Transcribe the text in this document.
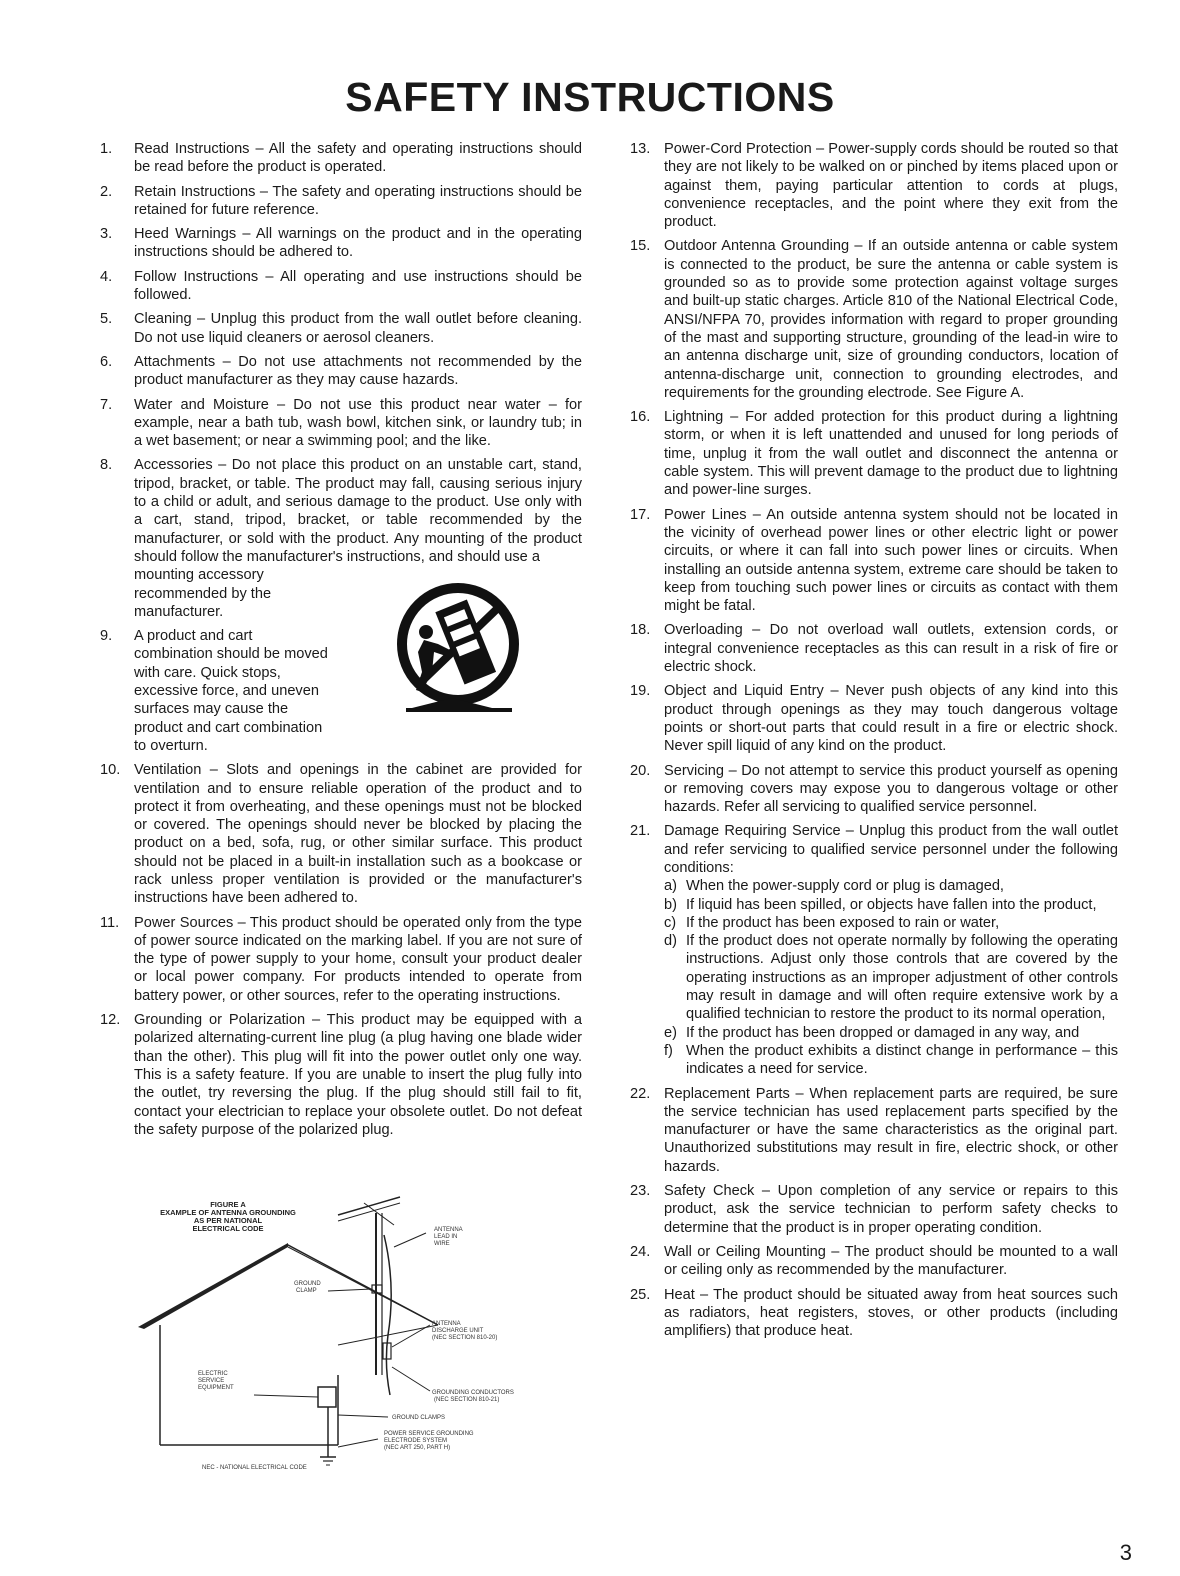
SAFETY INSTRUCTIONS
1.	Read Instructions – All the safety and operating instructions should be read before the product is operated.
2.	Retain Instructions – The safety and operating instructions should be retained for future reference.
3.	Heed Warnings – All warnings on the product and in the operating instructions should be adhered to.
4.	Follow Instructions – All operating and use instructions should be followed.
5.	Cleaning – Unplug this product from the wall outlet before cleaning. Do not use liquid cleaners or aerosol cleaners.
6.	Attachments – Do not use attachments not recommended by the product manufacturer as they may cause hazards.
7.	Water and Moisture – Do not use this product near water – for example, near a bath tub, wash bowl, kitchen sink, or laundry tub; in a wet basement; or near a swimming pool; and the like.
8.	Accessories – Do not place this product on an unstable cart, stand, tripod, bracket, or table. The product may fall, causing serious injury to a child or adult, and serious damage to the product. Use only with a cart, stand, tripod, bracket, or table recommended by the manufacturer, or sold with the product. Any mounting of the product should follow the manufacturer's instructions, and should use a
mounting accessory recommended by the manufacturer.
9.	A product and cart combination should be moved with care. Quick stops, excessive force, and uneven surfaces may cause the product and cart combination to overturn.
10. Ventilation – Slots and openings in the cabinet are provided for ventilation and to ensure reliable operation of the product and to protect it from overheating, and these openings must not be blocked or covered. The openings should never be blocked by placing the product on a bed, sofa, rug, or other similar surface. This product should not be placed in a built-in installation such as a bookcase or rack unless proper ventilation is provided or the manufacturer's instructions have been adhered to.
11.	Power Sources – This product should be operated only from the type of power source indicated on the marking label. If you are not sure of the type of power supply to your home, consult your product dealer or local power company. For products intended to operate from battery power, or other sources, refer to the operating instructions.
12. Grounding or Polarization – This product may be equipped with a polarized alternating-current line plug (a plug having one blade wider than the other). This plug will fit into the power outlet only one way. This is a safety feature. If you are unable to insert the plug fully into the outlet, try reversing the plug. If the plug should still fail to fit, contact your electrician to replace your obsolete outlet. Do not defeat the safety purpose of the polarized plug.
FIGURE A
EXAMPLE OF ANTENNA GROUNDING
AS PER NATIONAL
ELECTRICAL CODE	ANTENNA
LEAD IN
WIRE
GROUND
CLAMP
ANTENNA
DISCHARGE UNIT
(NEC SECTION 810-20)
ELECTRIC
SERVICE
EQUIPMENT
GROUNDING CONDUCTORS
(NEC SECTION 810-21)
GROUND CLAMPS
POWER SERVICE GROUNDING
ELECTRODE SYSTEM
(NEC ART 250, PART H)
NEC - NATIONAL ELECTRICAL CODE
13. Power-Cord Protection – Power-supply cords should be routed so that they are not likely to be walked on or pinched by items placed upon or against them, paying particular attention to cords at plugs, convenience receptacles, and the point where they exit from the product.
15. Outdoor Antenna Grounding – If an outside antenna or cable system is connected to the product, be sure the antenna or cable system is grounded so as to provide some protection against voltage surges and built-up static charges. Article 810 of the National Electrical Code, ANSI/NFPA 70, provides information with regard to proper grounding of the mast and supporting structure, grounding of the lead-in wire to an antenna discharge unit, size of grounding conductors, location of antenna-discharge unit, connection to grounding electrodes, and requirements for the grounding electrode. See Figure A.
16. Lightning – For added protection for this product during a lightning storm, or when it is left unattended and unused for long periods of time, unplug it from the wall outlet and disconnect the antenna or cable system. This will prevent damage to the product due to lightning and power-line surges.
17. Power Lines – An outside antenna system should not be located in the vicinity of overhead power lines or other electric light or power circuits, or where it can fall into such power lines or circuits. When installing an outside antenna system, extreme care should be taken to keep from touching such power lines or circuits as contact with them might be fatal.
18. Overloading – Do not overload wall outlets, extension cords, or integral convenience receptacles as this can result in a risk of fire or electric shock.
19. Object and Liquid Entry – Never push objects of any kind into this product through openings as they may touch dangerous voltage points or short-out parts that could result in a fire or electric shock. Never spill liquid of any kind on the product.
20. Servicing – Do not attempt to service this product yourself as opening or removing covers may expose you to dangerous voltage or other hazards. Refer all servicing to qualified service personnel.
21. Damage Requiring Service – Unplug this product from the wall outlet and refer servicing to qualified service personnel under the following conditions:
a) When the power-supply cord or plug is damaged,
b) If liquid has been spilled, or objects have fallen into the product,
c) If the product has been exposed to rain or water,
d) If the product does not operate normally by following the operating instructions. Adjust only those controls that are covered by the operating instructions as an improper adjustment of other controls may result in damage and will often require extensive work by a qualified technician to restore the product to its normal operation,
e) If the product has been dropped or damaged in any way, and
f) When the product exhibits a distinct change in performance – this indicates a need for service.
22. Replacement Parts – When replacement parts are required, be sure the service technician has used replacement parts specified by the manufacturer or have the same characteristics as the original part. Unauthorized substitutions may result in fire, electric shock, or other hazards.
23. Safety Check – Upon completion of any service or repairs to this product, ask the service technician to perform safety checks to determine that the product is in proper operating condition.
24. Wall or Ceiling Mounting – The product should be mounted to a wall or ceiling only as recommended by the manufacturer.
25. Heat – The product should be situated away from heat sources such as radiators, heat registers, stoves, or other products (including amplifiers) that produce heat.
3
